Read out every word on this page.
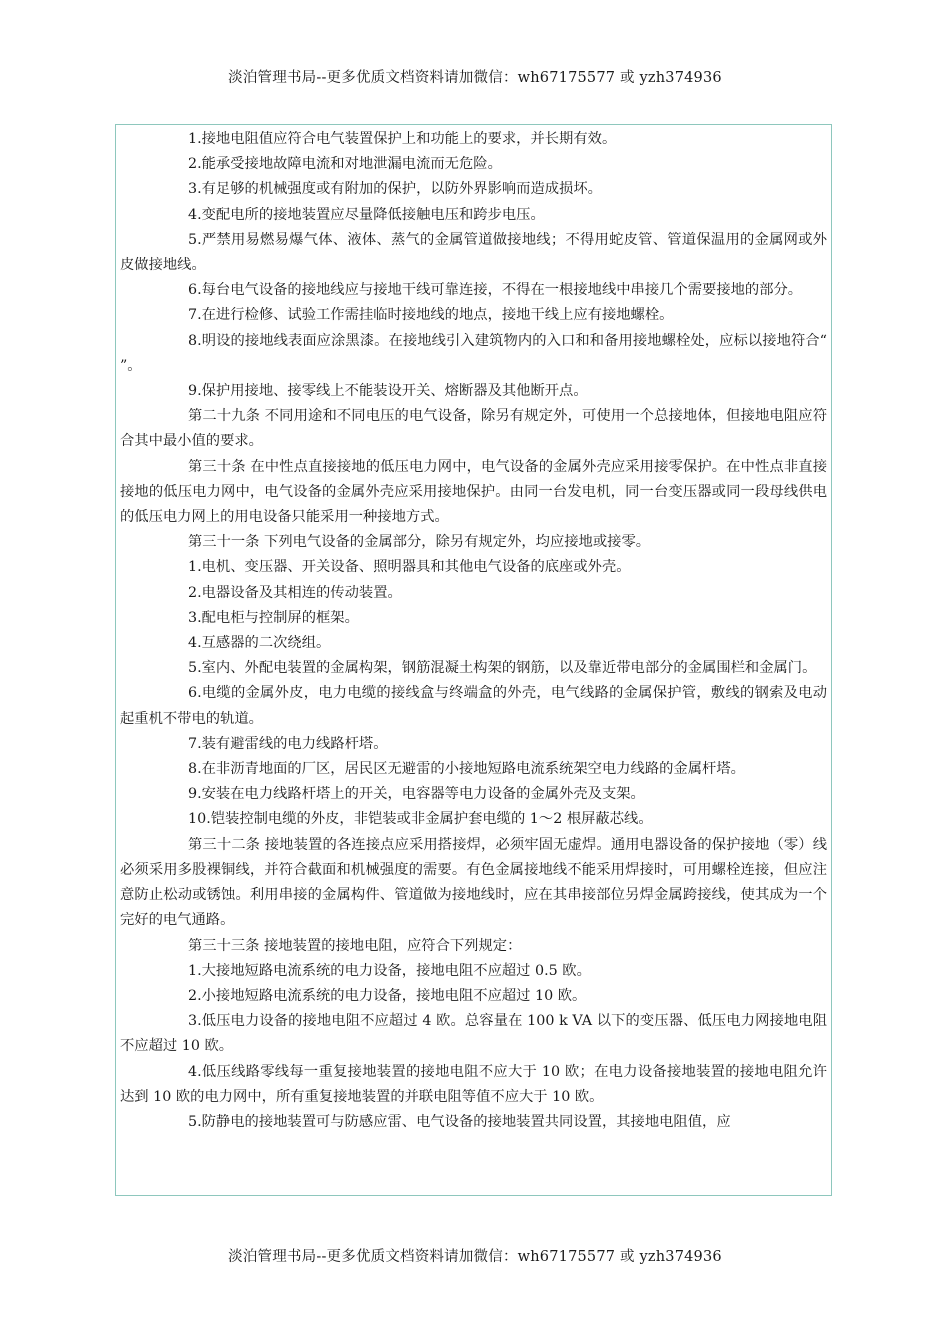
淡泊管理书局--更多优质文档资料请加微信：wh67175577 或 yzh374936

1.接地电阻值应符合电气装置保护上和功能上的要求，并长期有效。

2.能承受接地故障电流和对地泄漏电流而无危险。

3.有足够的机械强度或有附加的保护，以防外界影响而造成损坏。

4.变配电所的接地装置应尽量降低接触电压和跨步电压。

5.严禁用易燃易爆气体、液体、蒸气的金属管道做接地线；不得用蛇皮管、管道保温用的金属网或外皮做接地线。

6.每台电气设备的接地线应与接地干线可靠连接，不得在一根接地线中串接几个需要接地的部分。

7.在进行检修、试验工作需挂临时接地线的地点，接地干线上应有接地螺栓。

8.明设的接地线表面应涂黑漆。在接地线引入建筑物内的入口和和备用接地螺栓处，应标以接地符合“ ”。

9.保护用接地、接零线上不能装设开关、熔断器及其他断开点。

第二十九条 不同用途和不同电压的电气设备，除另有规定外，可使用一个总接地体，但接地电阻应符合其中最小值的要求。

第三十条 在中性点直接接地的低压电力网中，电气设备的金属外壳应采用接零保护。在中性点非直接接地的低压电力网中，电气设备的金属外壳应采用接地保护。由同一台发电机，同一台变压器或同一段母线供电的低压电力网上的用电设备只能采用一种接地方式。

第三十一条 下列电气设备的金属部分，除另有规定外，均应接地或接零。

1.电机、变压器、开关设备、照明器具和其他电气设备的底座或外壳。

2.电器设备及其相连的传动装置。

3.配电柜与控制屏的框架。

4.互感器的二次绕组。

5.室内、外配电装置的金属构架，钢筋混凝土构架的钢筋，以及靠近带电部分的金属围栏和金属门。

6.电缆的金属外皮，电力电缆的接线盒与终端盒的外壳，电气线路的金属保护管，敷线的钢索及电动起重机不带电的轨道。

7.装有避雷线的电力线路杆塔。

8.在非沥青地面的厂区，居民区无避雷的小接地短路电流系统架空电力线路的金属杆塔。

9.安装在电力线路杆塔上的开关，电容器等电力设备的金属外壳及支架。

10.铠装控制电缆的外皮，非铠装或非金属护套电缆的 1～2 根屏蔽芯线。

第三十二条 接地装置的各连接点应采用搭接焊，必须牢固无虚焊。通用电器设备的保护接地（零）线必须采用多股裸铜线，并符合截面和机械强度的需要。有色金属接地线不能采用焊接时，可用螺栓连接，但应注意防止松动或锈蚀。利用串接的金属构件、管道做为接地线时，应在其串接部位另焊金属跨接线，使其成为一个完好的电气通路。

第三十三条 接地装置的接地电阻，应符合下列规定：

1.大接地短路电流系统的电力设备，接地电阻不应超过 0.5 欧。

2.小接地短路电流系统的电力设备，接地电阻不应超过 10 欧。

3.低压电力设备的接地电阻不应超过 4 欧。总容量在 100 k VA 以下的变压器、低压电力网接地电阻不应超过 10 欧。

4.低压线路零线每一重复接地装置的接地电阻不应大于 10 欧；在电力设备接地装置的接地电阻允许达到 10 欧的电力网中，所有重复接地装置的并联电阻等值不应大于 10 欧。

5.防静电的接地装置可与防感应雷、电气设备的接地装置共同设置，其接地电阻值，应

淡泊管理书局--更多优质文档资料请加微信：wh67175577 或 yzh374936
